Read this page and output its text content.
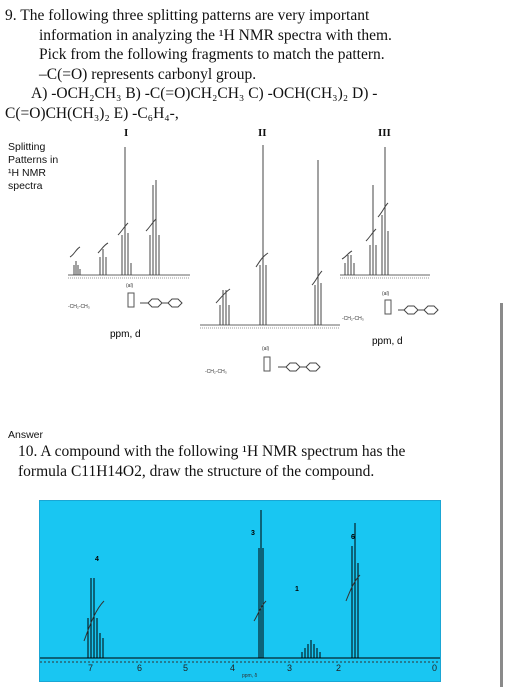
9. The following three splitting patterns are very important
information in analyzing the ¹H NMR spectra with them.
Pick from the following fragments to match the pattern.
–C(=O) represents carbonyl group.
A) -OCH₂CH₃ B) -C(=O)CH₂CH₃ C) -OCH(CH₃)₂ D) -
C(=O)CH(CH₃)₂ E) -C₆H₄-,
I	II	III
Splitting
Patterns in
¹H NMR
spectra
-CH₂-CH₃
(al)
ppm, d
-CH₂-CH₃
(al)
-CH₂-CH₃
(al)
ppm, d
Answer
10. A compound with the following ¹H NMR spectrum has the
formula C11H14O2, draw the structure of the compound.
4
3
1
6
7	6	5	4	3	2	0
ppm, δ
